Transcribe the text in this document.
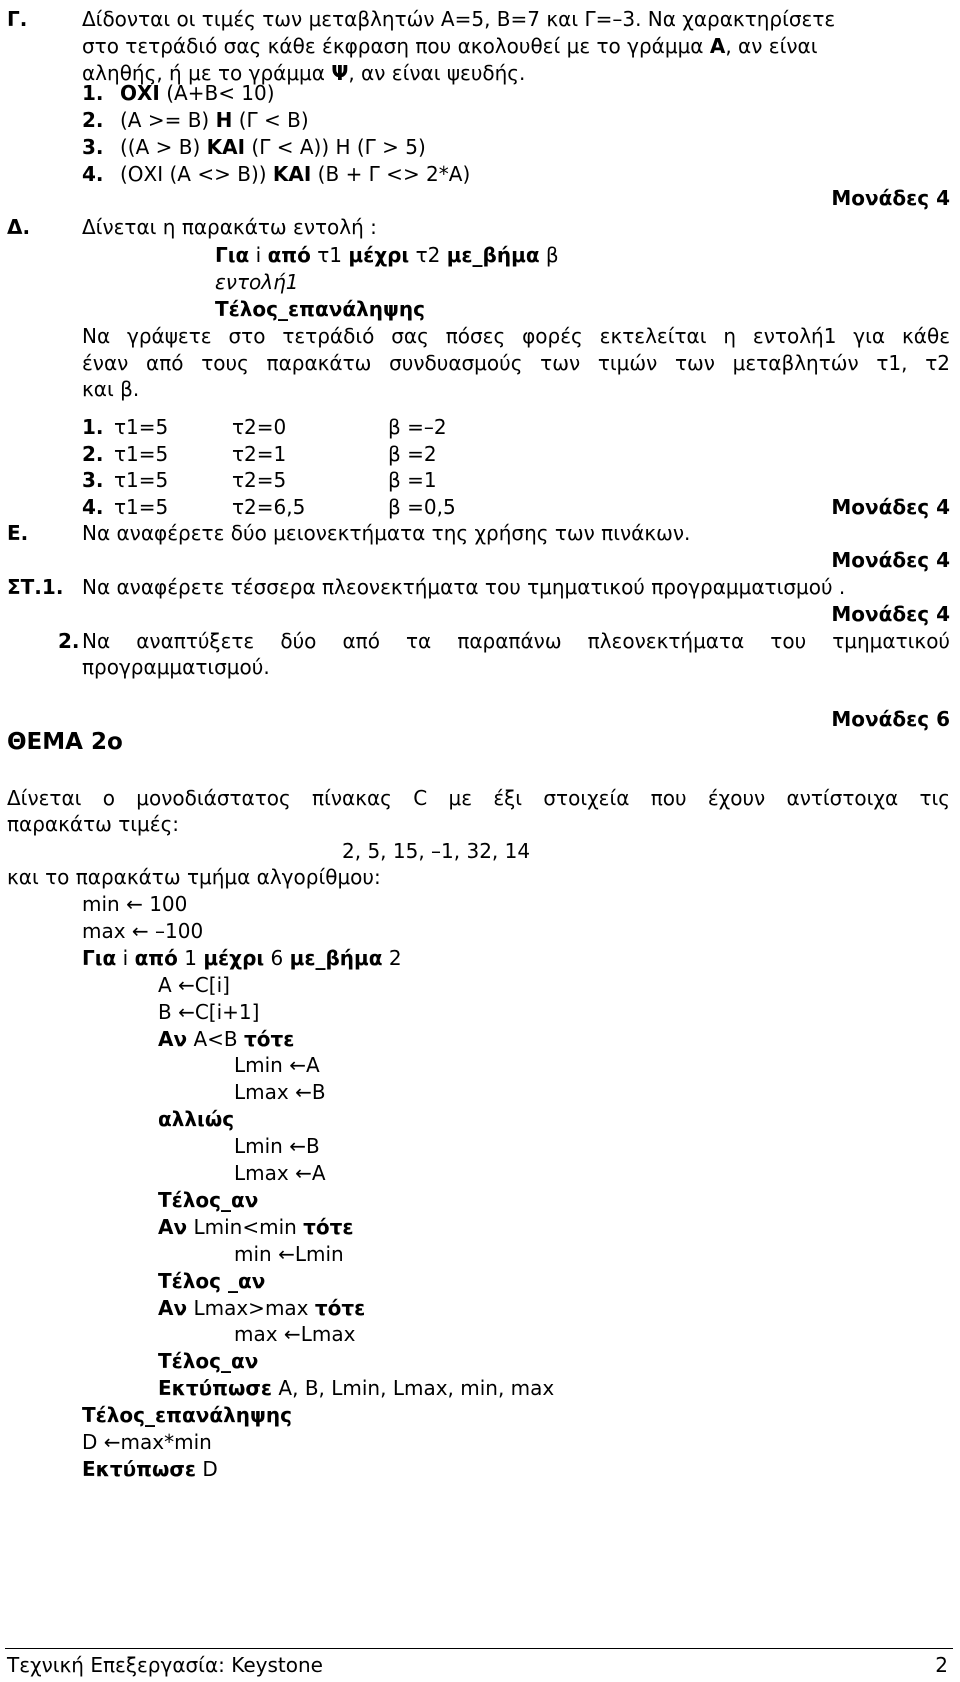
Γ.	Δίδονται οι τιμές των μεταβλητών Α=5, Β=7 και Γ=–3. Να χαρακτηρίσετε
στο τετράδιό σας κάθε έκφραση που ακολουθεί με το γράμμα Α, αν είναι
αληθής, ή με το γράμμα Ψ, αν είναι ψευδής.
1. ΟΧΙ (Α+Β< 10)
2. (Α >= Β) Η (Γ < Β)
3. ((Α > Β) ΚΑΙ (Γ < Α)) Η (Γ > 5)
4. (ΟΧΙ (Α <> Β)) ΚΑΙ (Β + Γ <> 2*Α)
Μονάδες 4
Δ.	Δίνεται η παρακάτω εντολή :
Για i από τ1 μέχρι τ2 με_βήμα β
εντολή1
Τέλος_επανάληψης
Να γράψετε στο τετράδιό σας πόσες φορές εκτελείται η εντολή1 για κάθε
έναν από τους παρακάτω συνδυασμούς των τιμών των μεταβλητών τ1, τ2
και β.
1. τ1=5	τ2=0	β =–2
2. τ1=5	τ2=1	β =2
3. τ1=5	τ2=5	β =1
4. τ1=5	τ2=6,5	β =0,5	Μονάδες 4
Ε.	Να αναφέρετε δύο μειονεκτήματα της χρήσης των πινάκων.
Μονάδες 4
ΣΤ.1. Να αναφέρετε τέσσερα πλεονεκτήματα του τμηματικού προγραμματισμού .
Μονάδες 4
2. Να αναπτύξετε δύο από τα παραπάνω πλεονεκτήματα του τμηματικού
προγραμματισμού.
Μονάδες 6
ΘΕΜΑ 2ο
Δίνεται ο μονοδιάστατος πίνακας C με έξι στοιχεία που έχουν αντίστοιχα τις
παρακάτω τιμές:
2, 5, 15, –1, 32, 14
και το παρακάτω τμήμα αλγορίθμου:
min ← 100
max ← –100
Για i από 1 μέχρι 6 με_βήμα 2
A ←C[i]
B ←C[i+1]
Αν A<B τότε
Lmin ←A
Lmax ←B
αλλιώς
Lmin ←B
Lmax ←A
Τέλος_αν
Αν Lmin<min τότε
min ←Lmin
Τέλος _αν
Αν Lmax>max τότε
max ←Lmax
Τέλος_αν
Εκτύπωσε A, B, Lmin, Lmax, min, max
Τέλος_επανάληψης
D ←max*min
Εκτύπωσε D
Τεχνική Επεξεργασία: Keystone	2
